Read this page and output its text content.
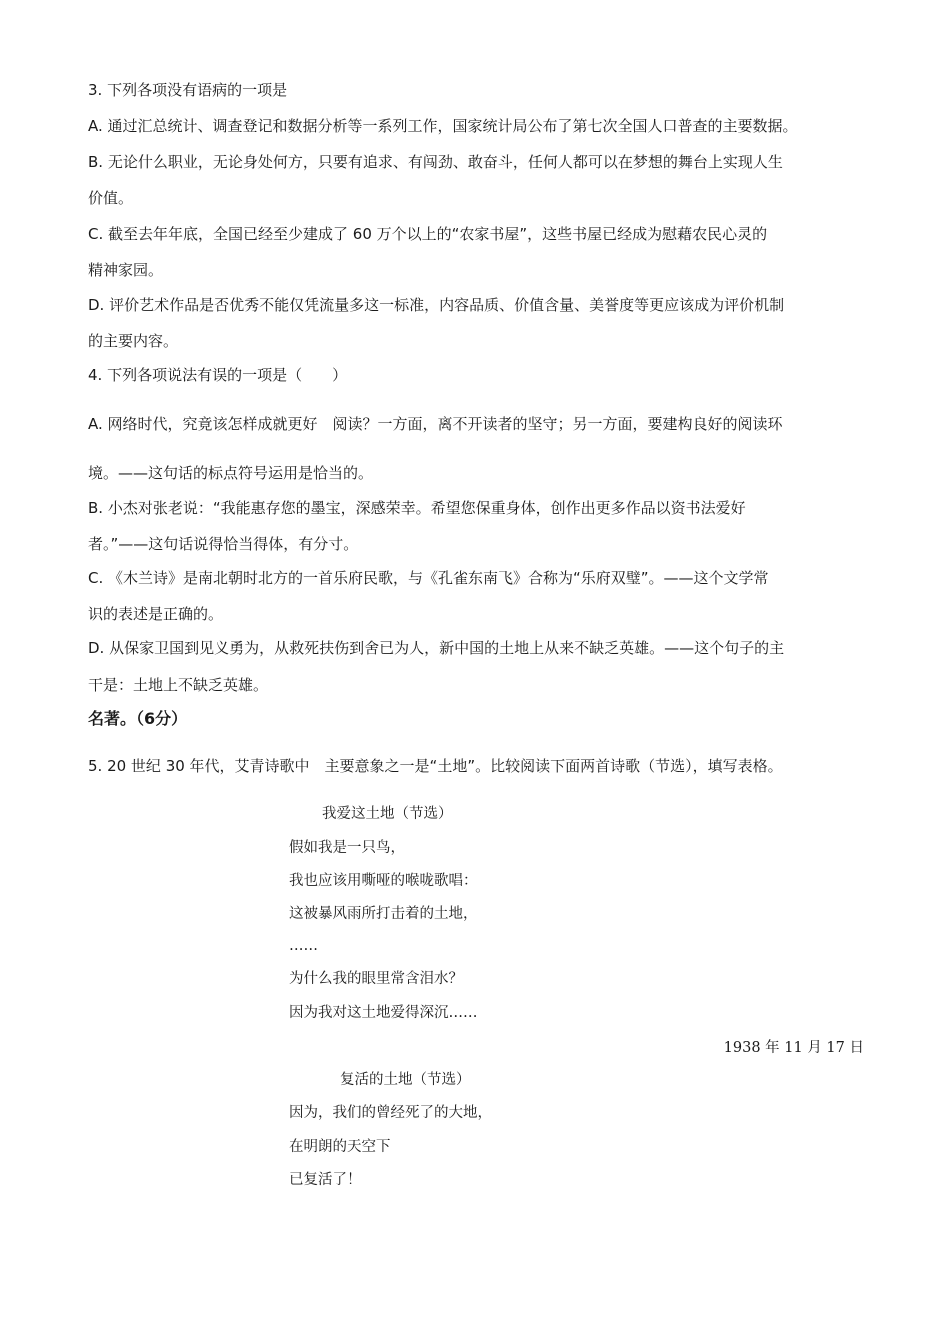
3. 下列各项没有语病的一项是
A. 通过汇总统计、调查登记和数据分析等一系列工作，国家统计局公布了第七次全国人口普查的主要数据。
B. 无论什么职业，无论身处何方，只要有追求、有闯劲、敢奋斗，任何人都可以在梦想的舞台上实现人生
价值。
C. 截至去年年底，全国已经至少建成了 60 万个以上的“农家书屋”，这些书屋已经成为慰藉农民心灵的
精神家园。
D. 评价艺术作品是否优秀不能仅凭流量多这一标准，内容品质、价值含量、美誉度等更应该成为评价机制
的主要内容。
4. 下列各项说法有误的一项是（　　）
A. 网络时代，究竟该怎样成就更好　阅读？一方面，离不开读者的坚守；另一方面，要建构良好的阅读环
境。——这句话的标点符号运用是恰当的。
B. 小杰对张老说：“我能惠存您的墨宝，深感荣幸。希望您保重身体，创作出更多作品以资书法爱好
者。”——这句话说得恰当得体，有分寸。
C. 《木兰诗》是南北朝时北方的一首乐府民歌，与《孔雀东南飞》合称为“乐府双璧”。——这个文学常
识的表述是正确的。
D. 从保家卫国到见义勇为，从救死扶伤到舍已为人，新中国的土地上从来不缺乏英雄。——这个句子的主
干是：土地上不缺乏英雄。
名著。（6分）
5. 20 世纪 30 年代，艾青诗歌中　主要意象之一是“土地”。比较阅读下面两首诗歌（节选），填写表格。
我爱这土地（节选）
假如我是一只鸟，
我也应该用嘶哑的喉咙歌唱：
这被暴风雨所打击着的土地，
……
为什么我的眼里常含泪水？
因为我对这土地爱得深沉……
1938 年 11 月 17 日
复活的土地（节选）
因为，我们的曾经死了的大地，
在明朗的天空下
已复活了！
